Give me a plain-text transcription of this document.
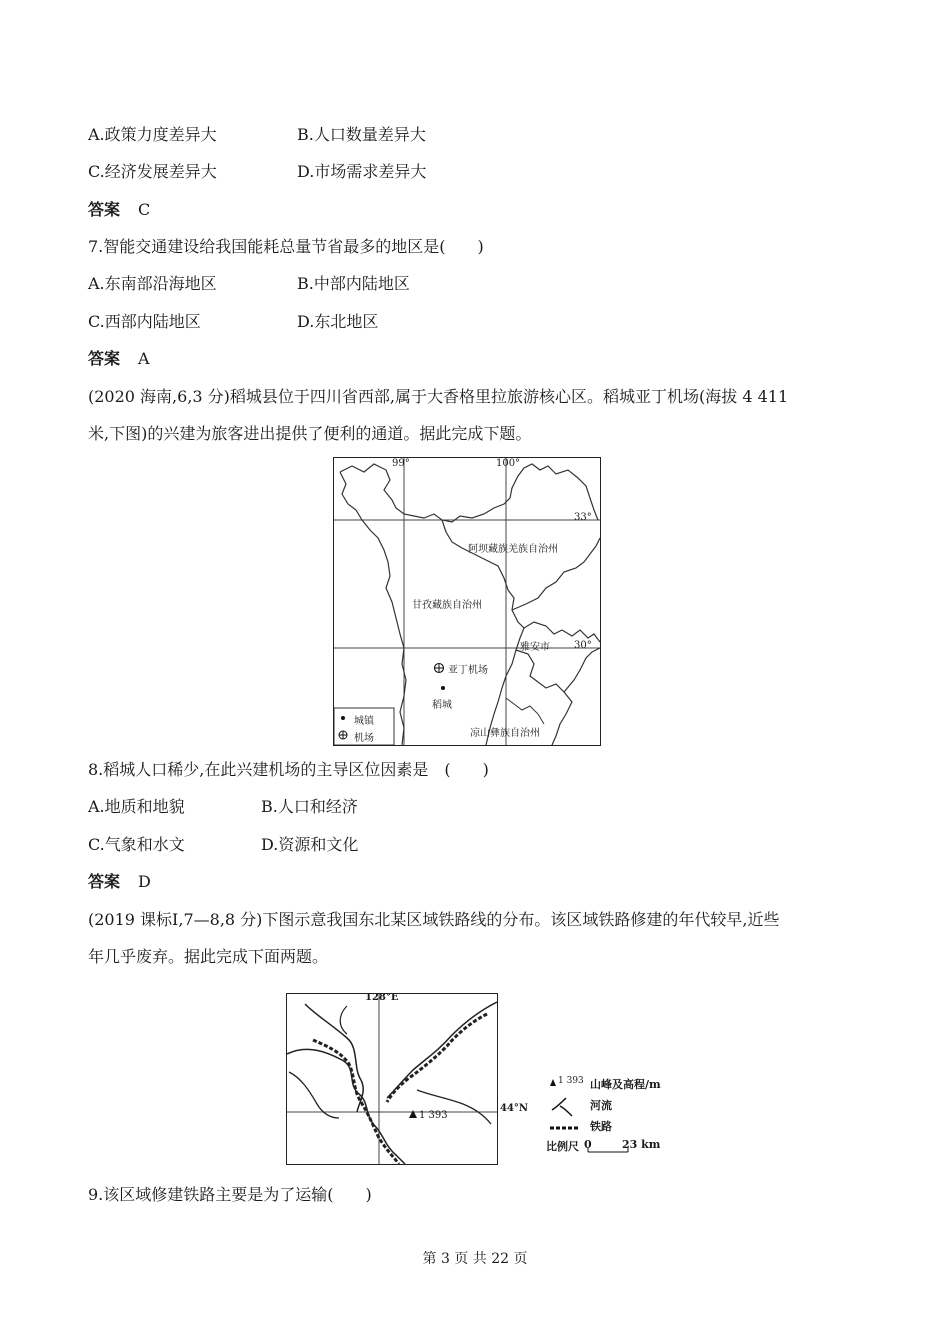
A.政策力度差异大	B.人口数量差异大
C.经济发展差异大	D.市场需求差异大
答案 C
7.智能交通建设给我国能耗总量节省最多的地区是(　　)
A.东南部沿海地区	B.中部内陆地区
C.西部内陆地区	D.东北地区
答案 A
(2020 海南,6,3 分)稻城县位于四川省西部,属于大香格里拉旅游核心区。稻城亚丁机场(海拔 4 411
米,下图)的兴建为旅客进出提供了便利的通道。据此完成下题。
99°	100°
33°
30°
阿坝藏族羌族自治州
甘孜藏族自治州
雅安市
亚丁机场
稻城
凉山彝族自治州
城镇
机场
8.稻城人口稀少,在此兴建机场的主导区位因素是　(　　)
A.地质和地貌	B.人口和经济
C.气象和水文	D.资源和文化
答案 D
(2019 课标Ⅰ,7—8,8 分)下图示意我国东北某区域铁路线的分布。该区域铁路修建的年代较早,近些
年几乎废弃。据此完成下面两题。
128°E
1 393
44°N
1 393 山峰及高程/m
河流
铁路
比例尺 0	23 km
9.该区域修建铁路主要是为了运输(　　)
第 3 页 共 22 页
